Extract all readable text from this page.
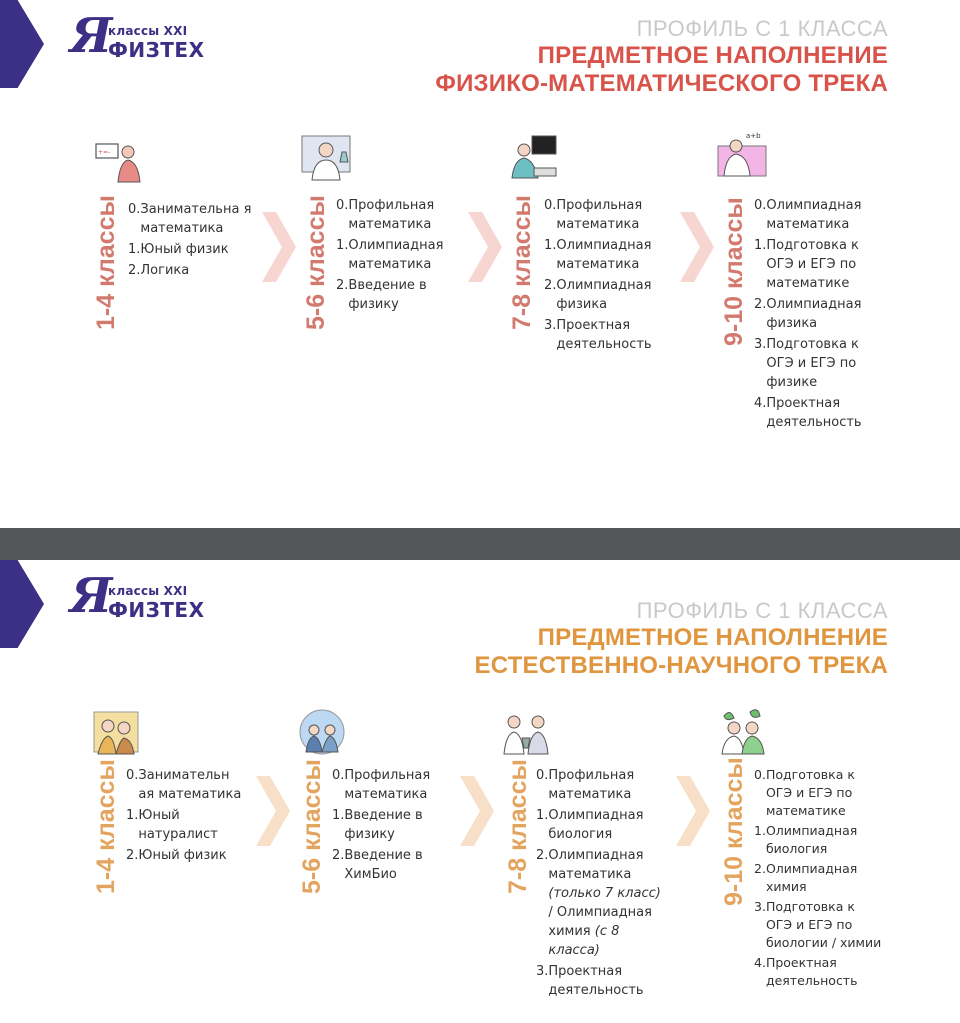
Я
классы XXI
ФИЗТЕХ
ПРОФИЛЬ С 1 КЛАССА
ПРЕДМЕТНОЕ НАПОЛНЕНИЕ
ФИЗИКО-МАТЕМАТИЧЕСКОГО ТРЕКА
+=-
1-4 классы 0. Занимательна я математика
1. Юный физик
2. Логика	5-6 классы 0. Профильная математика
1. Олимпиадная математика
2. Введение в физику	7-8 классы 0. Профильная математика
1. Олимпиадная математика
2. Олимпиадная физика
3. Проектная деятельность
a+b
9-10 классы 0. Олимпиадная математика
1. Подготовка к ОГЭ и ЕГЭ по математике
2. Олимпиадная физика
3. Подготовка к ОГЭ и ЕГЭ по физике
4. Проектная деятельность
Я
классы XXI
ФИЗТЕХ	ПРОФИЛЬ С 1 КЛАССА
ПРЕДМЕТНОЕ НАПОЛНЕНИЕ
ЕСТЕСТВЕННО-НАУЧНОГО ТРЕКА
1-4 классы 0. Занимательн ая математика
1. Юный натуралист
2. Юный физик	5-6 классы 0. Профильная математика
1. Введение в физику
2. Введение в ХимБио	7-8 классы 0. Профильная математика
1. Олимпиадная биология
2. Олимпиадная математика (только 7 класс) / Олимпиадная химия (с 8 класса)
3. Проектная деятельность
9-10 классы 0. Подготовка к ОГЭ и ЕГЭ по математике
1. Олимпиадная биология
2. Олимпиадная химия
3. Подготовка к ОГЭ и ЕГЭ по биологии / химии
4. Проектная деятельность
